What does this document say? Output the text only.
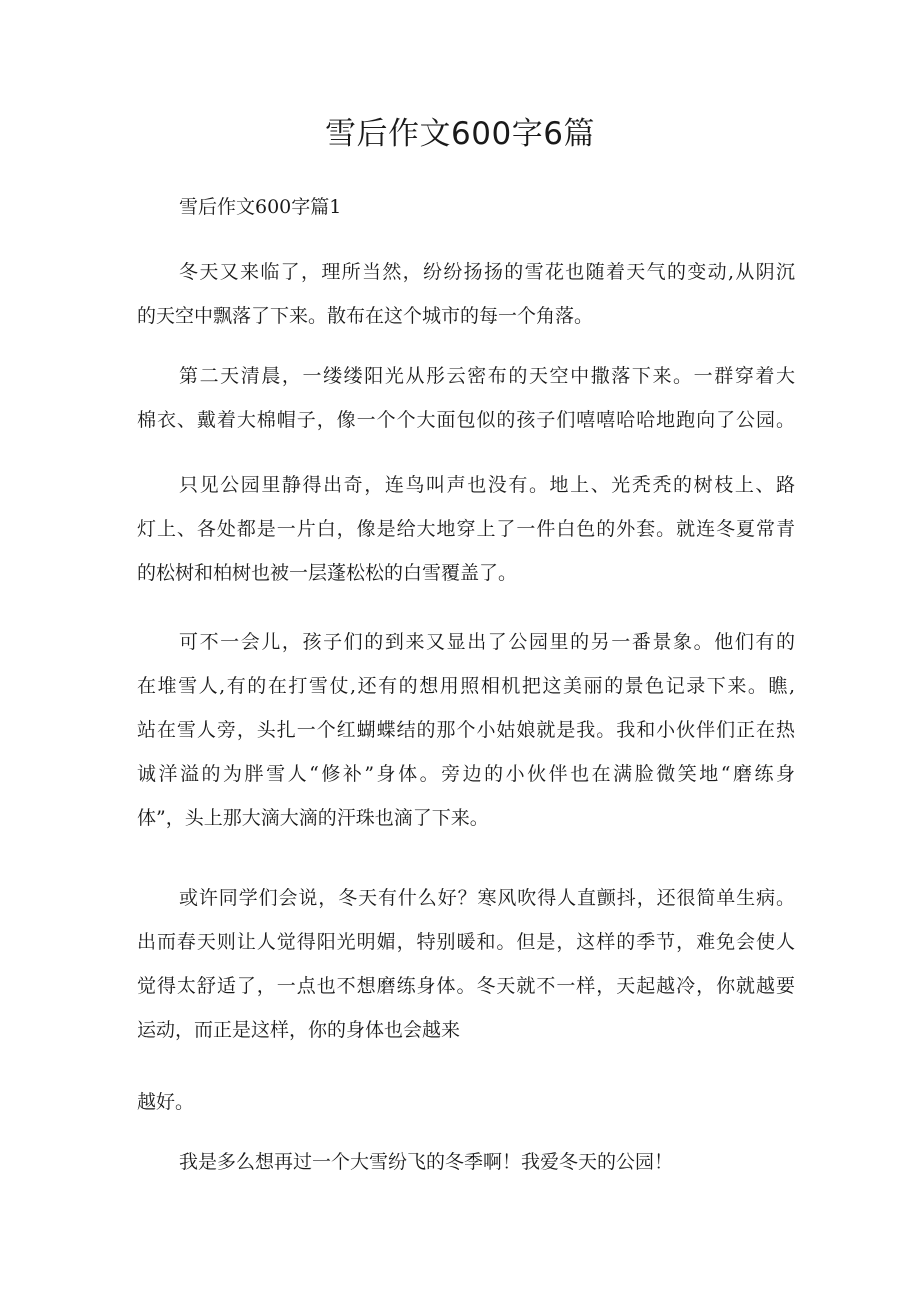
雪后作文600字6篇
雪后作文600字篇1
冬天又来临了，理所当然，纷纷扬扬的雪花也随着天气的变动,从阴沉
的天空中飘落了下来。散布在这个城市的每一个角落。
第二天清晨，一缕缕阳光从彤云密布的天空中撒落下来。一群穿着大
棉衣、戴着大棉帽子，像一个个大面包似的孩子们嘻嘻哈哈地跑向了公园。
只见公园里静得出奇，连鸟叫声也没有。地上、光秃秃的树枝上、路
灯上、各处都是一片白，像是给大地穿上了一件白色的外套。就连冬夏常青
的松树和柏树也被一层蓬松松的白雪覆盖了。
可不一会儿，孩子们的到来又显出了公园里的另一番景象。他们有的
在堆雪人,有的在打雪仗,还有的想用照相机把这美丽的景色记录下来。瞧,
站在雪人旁，头扎一个红蝴蝶结的那个小姑娘就是我。我和小伙伴们正在热
诚洋溢的为胖雪人“修补”身体。旁边的小伙伴也在满脸微笑地“磨练身
体”，头上那大滴大滴的汗珠也滴了下来。
或许同学们会说，冬天有什么好？寒风吹得人直颤抖，还很简单生病。
出而春天则让人觉得阳光明媚，特别暖和。但是，这样的季节，难免会使人
觉得太舒适了，一点也不想磨练身体。冬天就不一样，天起越冷，你就越要
运动，而正是这样，你的身体也会越来
越好。
我是多么想再过一个大雪纷飞的冬季啊！我爱冬天的公园！
